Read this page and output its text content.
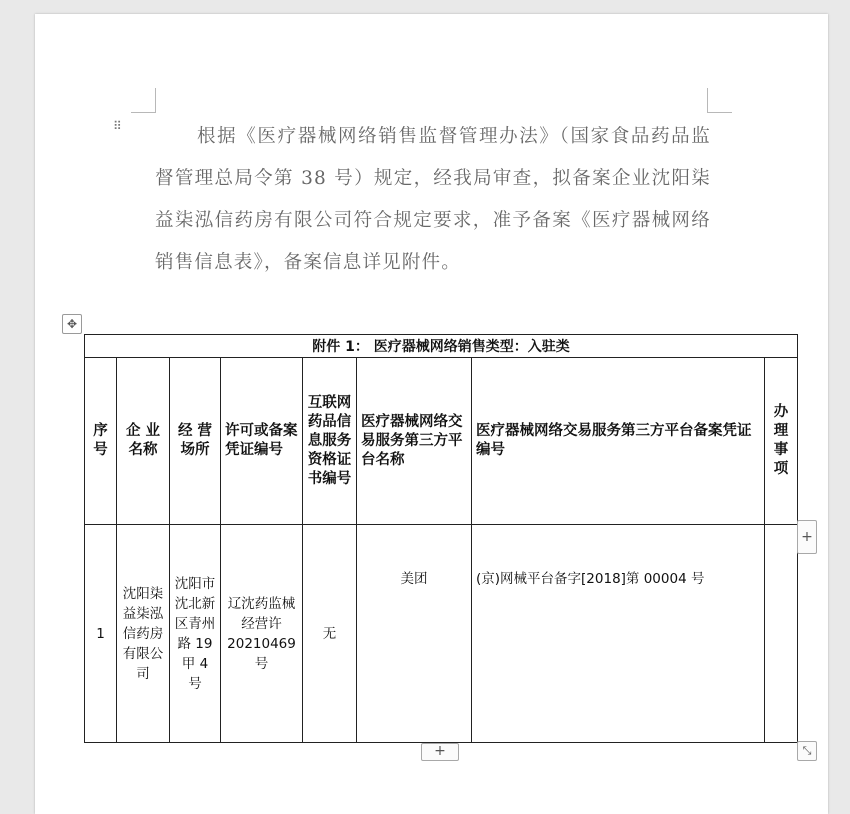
⠿	根据《医疗器械网络销售监督管理办法》（国家食品药品监督管理总局令第 38 号）规定，经我局审查，拟备案企业沈阳柒益柒泓信药房有限公司符合规定要求，准予备案《医疗器械网络销售信息表》，备案信息详见附件。

✥
附件 1： 医疗器械网络销售类型：入驻类							
序号	企 业 名称	经 营 场所	许可或备案凭证编号	互联网药品信息服务资格证书编号	医疗器械网络交易服务第三方平台名称	医疗器械网络交易服务第三方平台备案凭证编号	办理事项
1	沈阳柒益柒泓信药房有限公司	沈阳市沈北新区青州路 19 甲 4 号	辽沈药监械经营许 20210469 号	无	美团	(京)网械平台备字[2018]第 00004 号	
+
+
⤡
